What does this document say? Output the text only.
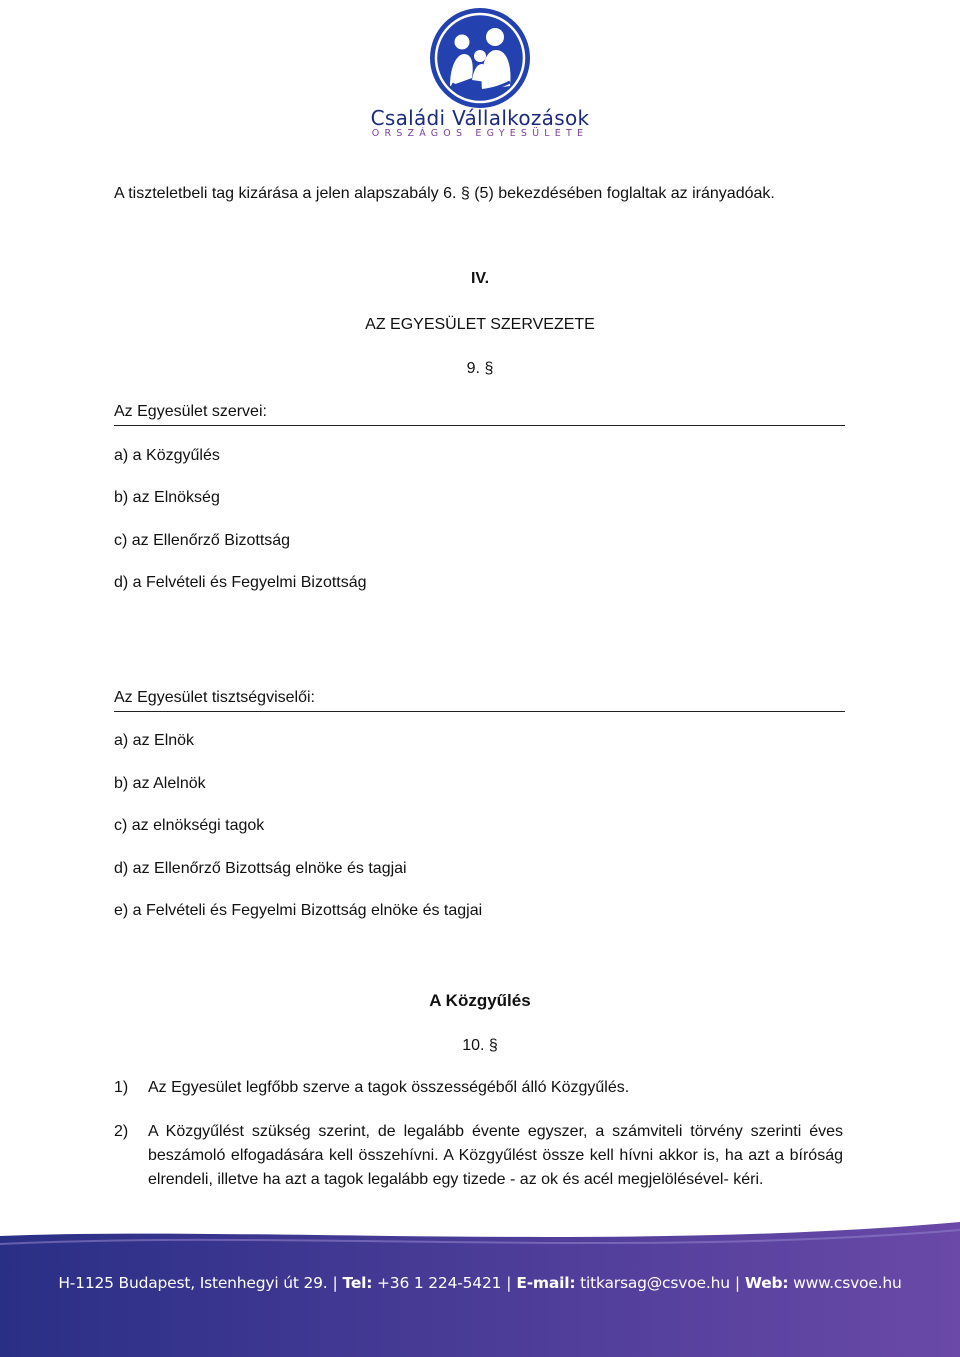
Családi Vállalkozások
ORSZÁGOS EGYESÜLETE
A tiszteletbeli tag kizárása a jelen alapszabály 6. § (5) bekezdésében foglaltak az irányadóak.
IV.
AZ EGYESÜLET SZERVEZETE
9. §
Az Egyesület szervei:
a) a Közgyűlés
b) az Elnökség
c) az Ellenőrző Bizottság
d) a Felvételi és Fegyelmi Bizottság
Az Egyesület tisztségviselői:
a) az Elnök
b) az Alelnök
c) az elnökségi tagok
d) az Ellenőrző Bizottság elnöke és tagjai
e) a Felvételi és Fegyelmi Bizottság elnöke és tagjai
A Közgyűlés
10. §
1) Az Egyesület legfőbb szerve a tagok összességéből álló Közgyűlés.
2) A Közgyűlést szükség szerint, de legalább évente egyszer, a számviteli törvény szerinti éves beszámoló elfogadására kell összehívni. A Közgyűlést össze kell hívni akkor is, ha azt a bíróság elrendeli, illetve ha azt a tagok legalább egy tizede - az ok és acél megjelölésével- kéri.
H-1125 Budapest, Istenhegyi út 29. | Tel: +36 1 224-5421 | E-mail: titkarsag@csvoe.hu | Web: www.csvoe.hu
